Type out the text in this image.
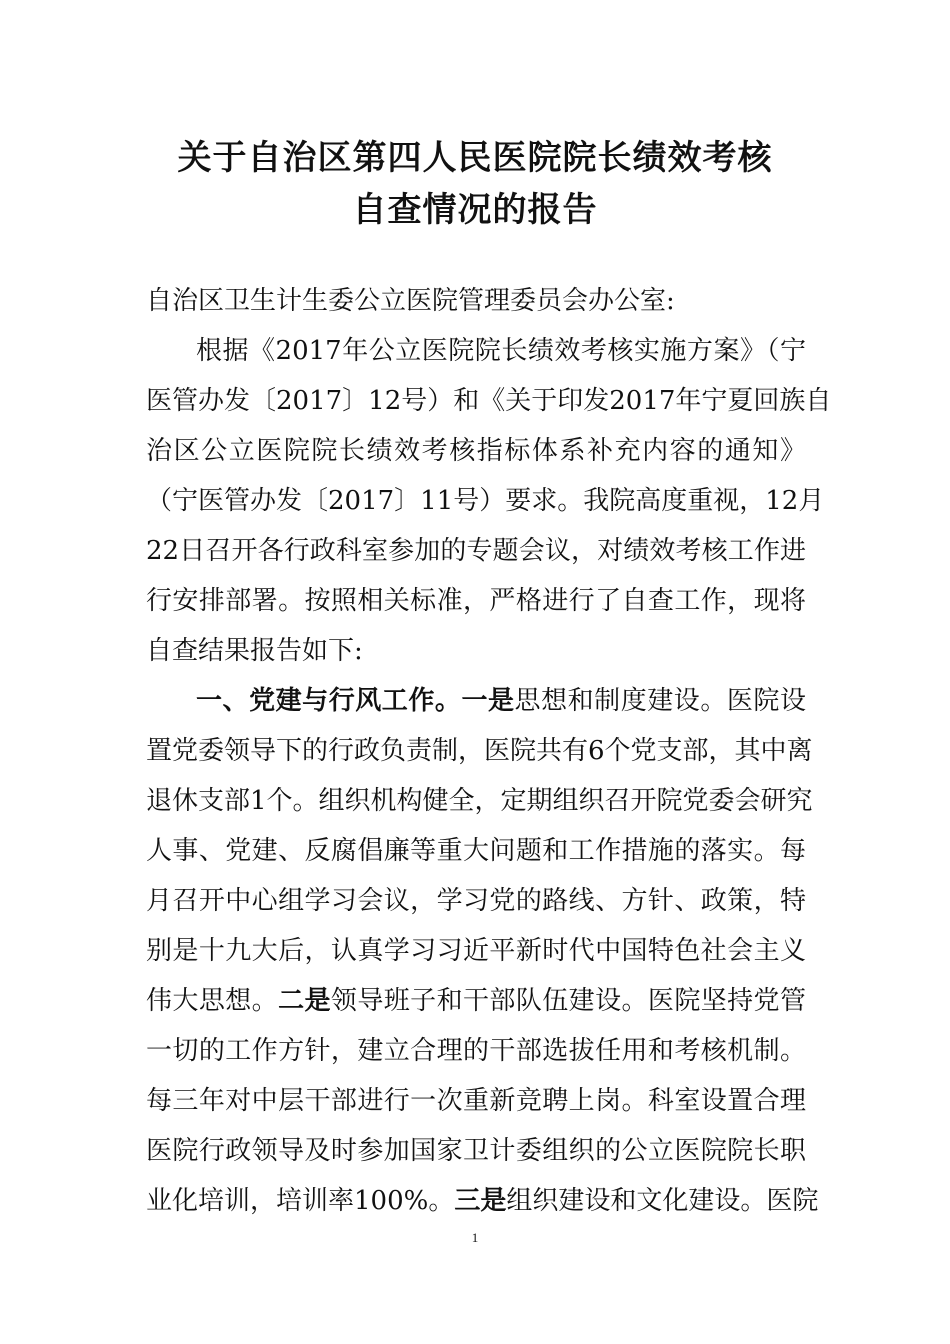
关于自治区第四人民医院院长绩效考核
自查情况的报告
自治区卫生计生委公立医院管理委员会办公室:
根据《2017年公立医院院长绩效考核实施方案》（宁
医管办发〔2017〕12号）和《关于印发2017年宁夏回族自
治区公立医院院长绩效考核指标体系补充内容的通知》
（宁医管办发〔2017〕11号）要求。我院高度重视，12月
22日召开各行政科室参加的专题会议，对绩效考核工作进
行安排部署。按照相关标准，严格进行了自查工作，现将
自查结果报告如下:
一、党建与行风工作。一是思想和制度建设。医院设
置党委领导下的行政负责制，医院共有6个党支部，其中离
退休支部1个。组织机构健全，定期组织召开院党委会研究
人事、党建、反腐倡廉等重大问题和工作措施的落实。每
月召开中心组学习会议，学习党的路线、方针、政策，特
别是十九大后，认真学习习近平新时代中国特色社会主义
伟大思想。二是领导班子和干部队伍建设。医院坚持党管
一切的工作方针，建立合理的干部选拔任用和考核机制。
每三年对中层干部进行一次重新竞聘上岗。科室设置合理
医院行政领导及时参加国家卫计委组织的公立医院院长职
业化培训，培训率100%。三是组织建设和文化建设。医院
1
